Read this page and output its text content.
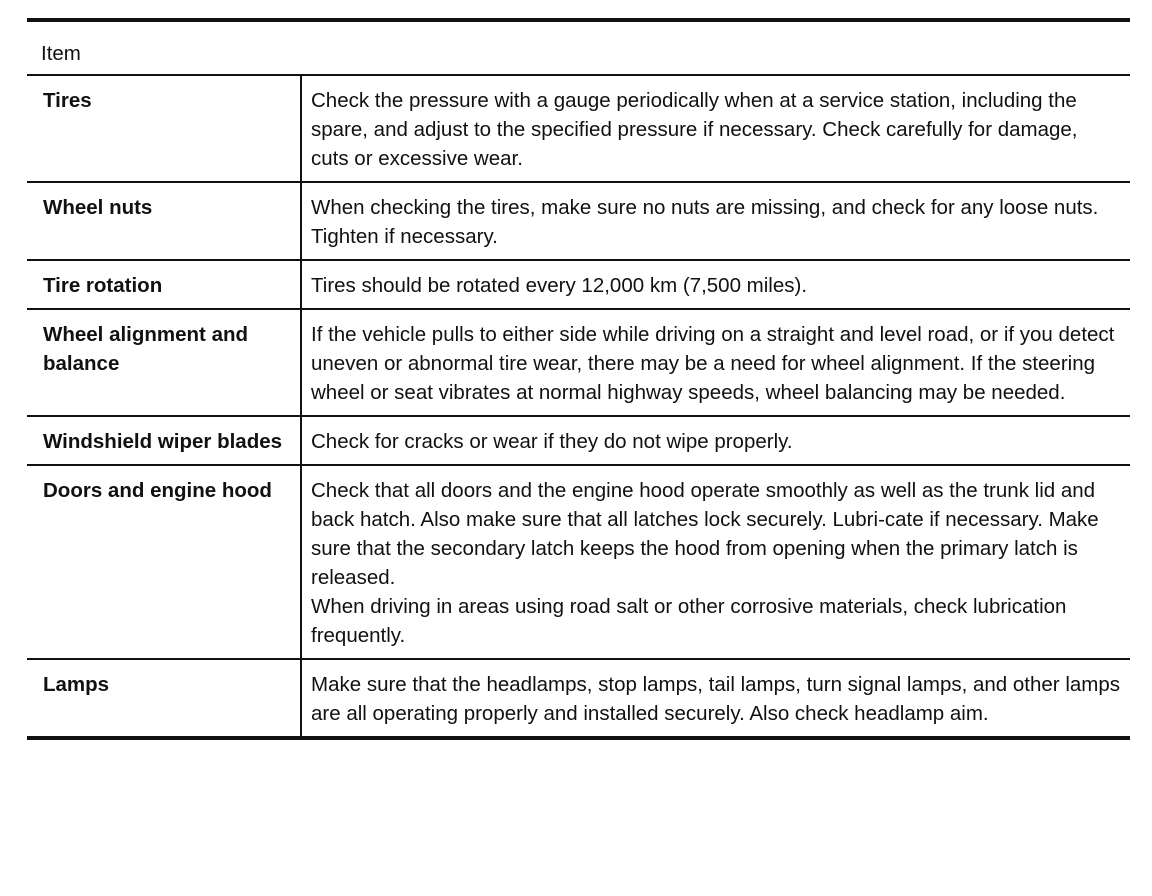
Item	
Tires	Check the pressure with a gauge periodically when at a service station, including the spare, and adjust to the specified pressure if necessary. Check carefully for damage, cuts or excessive wear.

Wheel nuts	When checking the tires, make sure no nuts are missing, and check for any loose nuts. Tighten if necessary.

Tire rotation	Tires should be rotated every 12,000 km (7,500 miles).

Wheel alignment and balance	If the vehicle pulls to either side while driving on a straight and level road, or if you detect uneven or abnormal tire wear, there may be a need for wheel alignment. If the steering wheel or seat vibrates at normal highway speeds, wheel balancing may be needed.

Windshield wiper blades	Check for cracks or wear if they do not wipe properly.

Doors and engine hood	Check that all doors and the engine hood operate smoothly as well as the trunk lid and back hatch. Also make sure that all latches lock securely. Lubri-cate if necessary. Make sure that the secondary latch keeps the hood from opening when the primary latch is released.
When driving in areas using road salt or other corrosive materials, check lubrication frequently.

Lamps	Make sure that the headlamps, stop lamps, tail lamps, turn signal lamps, and other lamps are all operating properly and installed securely. Also check headlamp aim.
